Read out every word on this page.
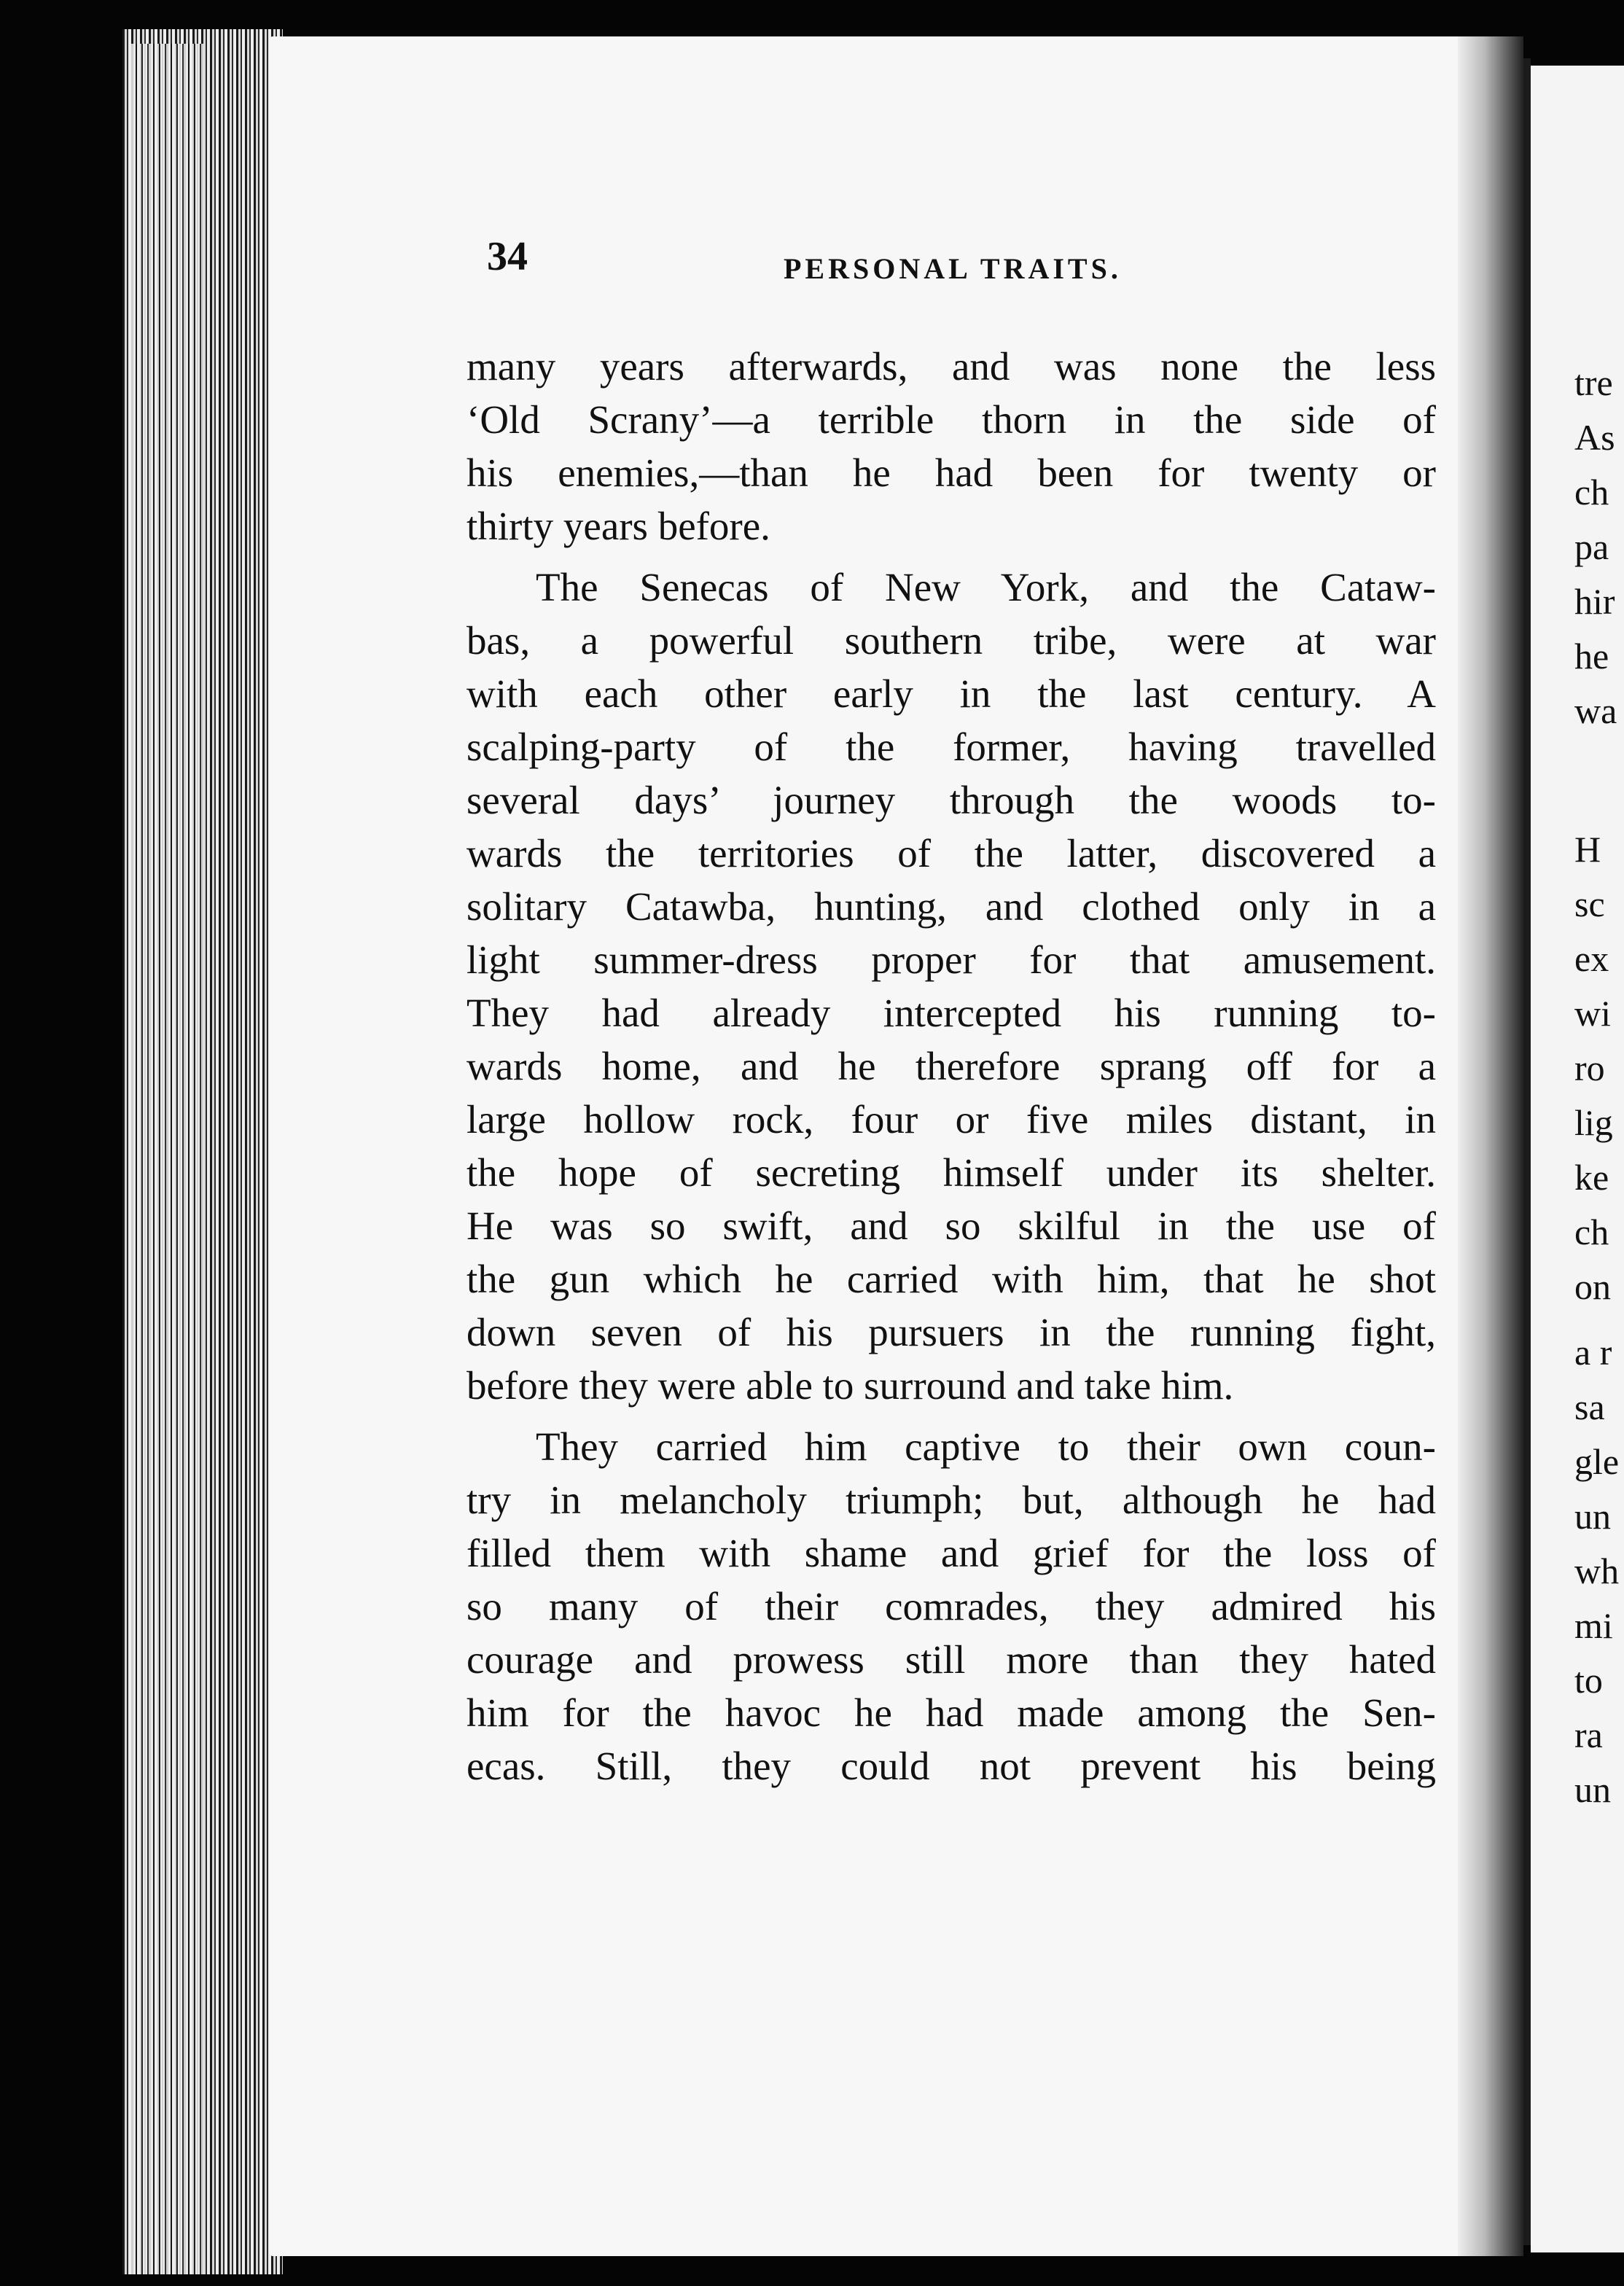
tre
As
ch
pa
hir
he
wa
H
sc
ex
wi
ro
lig
ke
ch
on
a r
sa
gle
un
wh
mi
to
ra
un
34	PERSONAL TRAITS.
many years afterwards, and was none the less
‘Old Scrany’—a terrible thorn in the side of
his enemies,—than he had been for twenty or
thirty years before.
The Senecas of New York, and the Cataw-
bas, a powerful southern tribe, were at war
with each other early in the last century. A
scalping-party of the former, having travelled
several days’ journey through the woods to-
wards the territories of the latter, discovered a
solitary Catawba, hunting, and clothed only in a
light summer-dress proper for that amusement.
They had already intercepted his running to-
wards home, and he therefore sprang off for a
large hollow rock, four or five miles distant, in
the hope of secreting himself under its shelter.
He was so swift, and so skilful in the use of
the gun which he carried with him, that he shot
down seven of his pursuers in the running fight,
before they were able to surround and take him.
They carried him captive to their own coun-
try in melancholy triumph; but, although he had
filled them with shame and grief for the loss of
so many of their comrades, they admired his
courage and prowess still more than they hated
him for the havoc he had made among the Sen-
ecas. Still, they could not prevent his being
